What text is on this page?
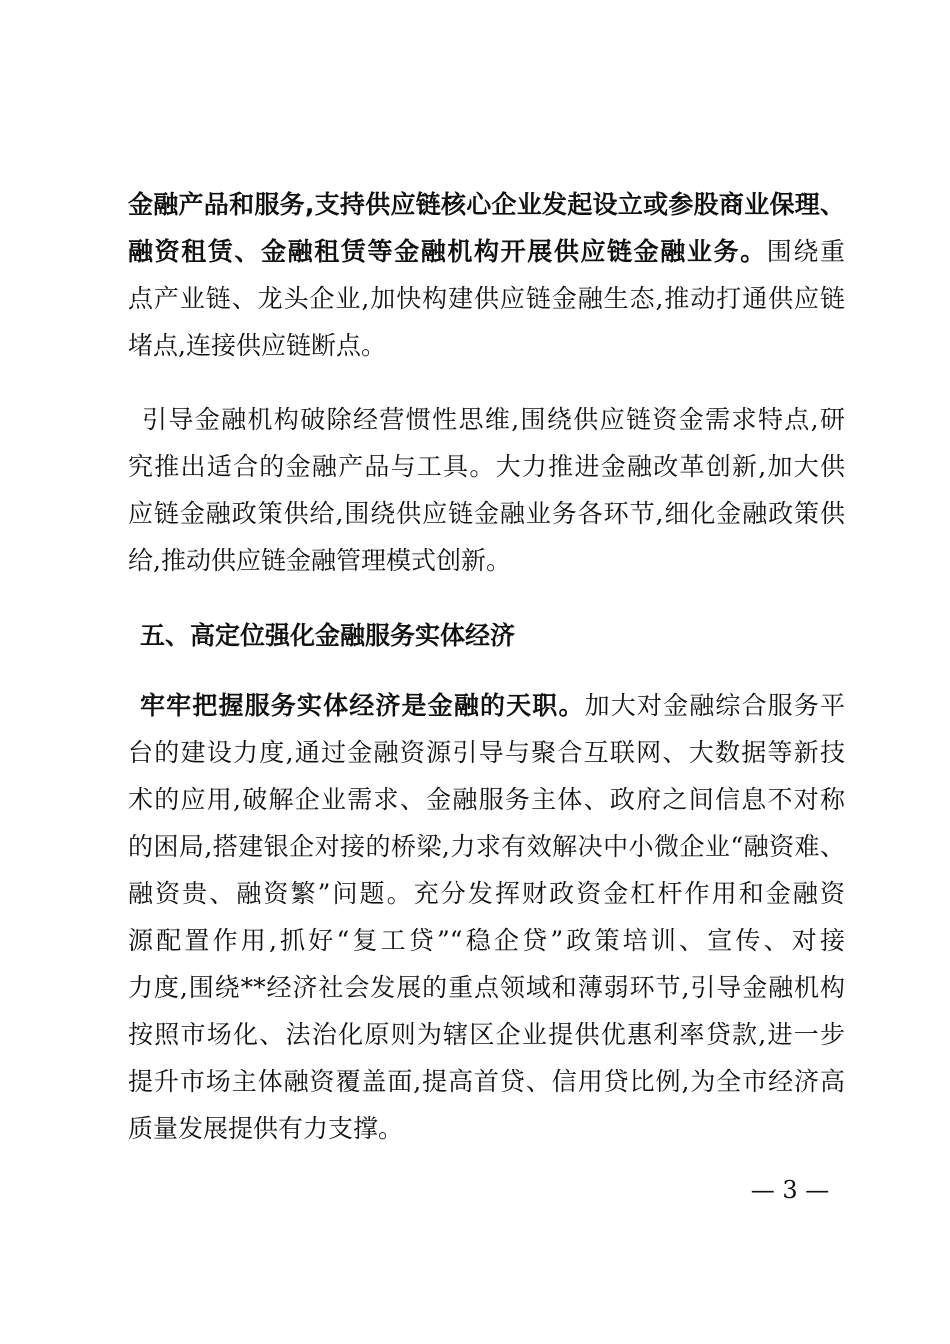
金融产品和服务,支持供应链核心企业发起设立或参股商业保理、
融资租赁、金融租赁等金融机构开展供应链金融业务。围绕重
点产业链、龙头企业,加快构建供应链金融生态,推动打通供应链
堵点,连接供应链断点。
引导金融机构破除经营惯性思维,围绕供应链资金需求特点,研
究推出适合的金融产品与工具。大力推进金融改革创新,加大供
应链金融政策供给,围绕供应链金融业务各环节,细化金融政策供
给,推动供应链金融管理模式创新。
五、高定位强化金融服务实体经济
牢牢把握服务实体经济是金融的天职。加大对金融综合服务平
台的建设力度,通过金融资源引导与聚合互联网、大数据等新技
术的应用,破解企业需求、金融服务主体、政府之间信息不对称
的困局,搭建银企对接的桥梁,力求有效解决中小微企业“融资难、
融资贵、融资繁”问题。充分发挥财政资金杠杆作用和金融资
源配置作用,抓好“复工贷”“稳企贷”政策培训、宣传、对接
力度,围绕**经济社会发展的重点领域和薄弱环节,引导金融机构
按照市场化、法治化原则为辖区企业提供优惠利率贷款,进一步
提升市场主体融资覆盖面,提高首贷、信用贷比例,为全市经济高
质量发展提供有力支撑。
— 3 —
